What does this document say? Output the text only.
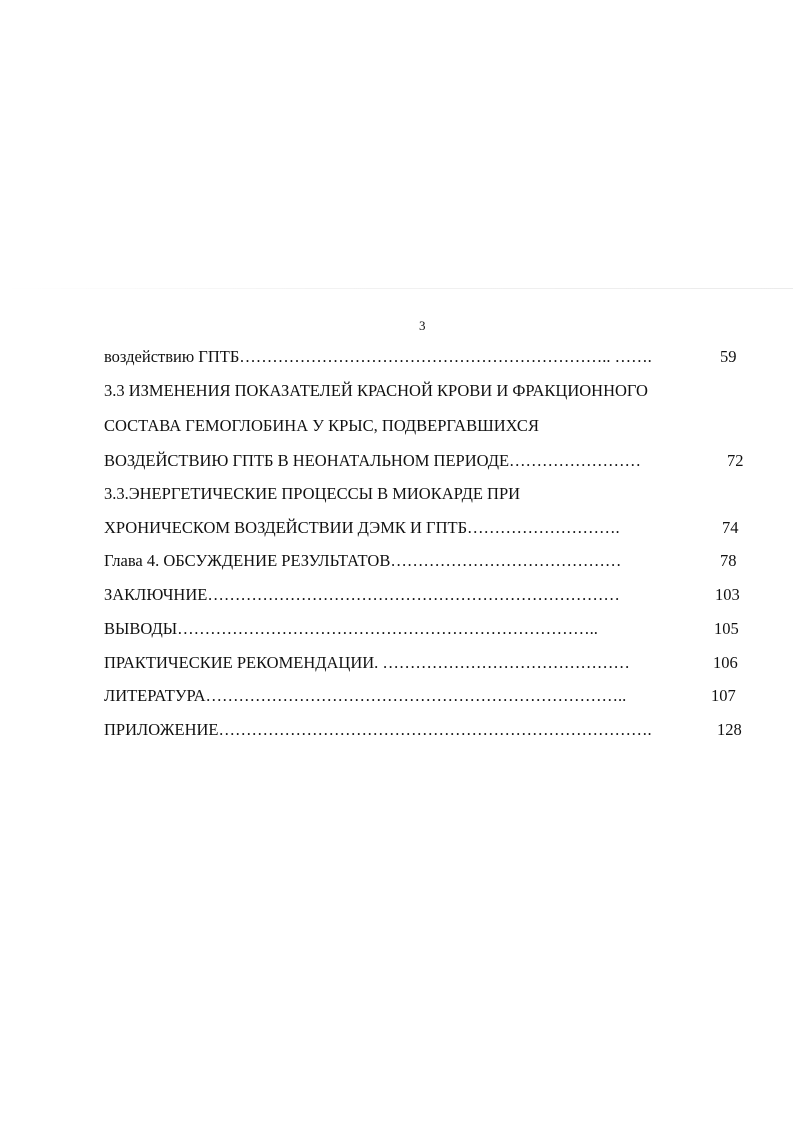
3
воздействию ГПТБ………………………………………………………….. …….	59
3.3 ИЗМЕНЕНИЯ ПОКАЗАТЕЛЕЙ КРАСНОЙ КРОВИ И ФРАКЦИОННОГО
СОСТАВА ГЕМОГЛОБИНА У КРЫС, ПОДВЕРГАВШИХСЯ
ВОЗДЕЙСТВИЮ ГПТБ В НЕОНАТАЛЬНОМ ПЕРИОДЕ……………………	72
3.3.ЭНЕРГЕТИЧЕСКИЕ ПРОЦЕССЫ В МИОКАРДЕ ПРИ
ХРОНИЧЕСКОМ ВОЗДЕЙСТВИИ ДЭМК И ГПТБ……………………….	74
Глава 4. ОБСУЖДЕНИЕ РЕЗУЛЬТАТОВ……………………………………	78
ЗАКЛЮЧНИЕ…………………………………………………………………	103
ВЫВОДЫ…………………………………………………………………..	105
ПРАКТИЧЕСКИЕ РЕКОМЕНДАЦИИ. ………………………………………	106
ЛИТЕРАТУРА…………………………………………………………………..	107
ПРИЛОЖЕНИЕ…………………………………………………………………….	128
